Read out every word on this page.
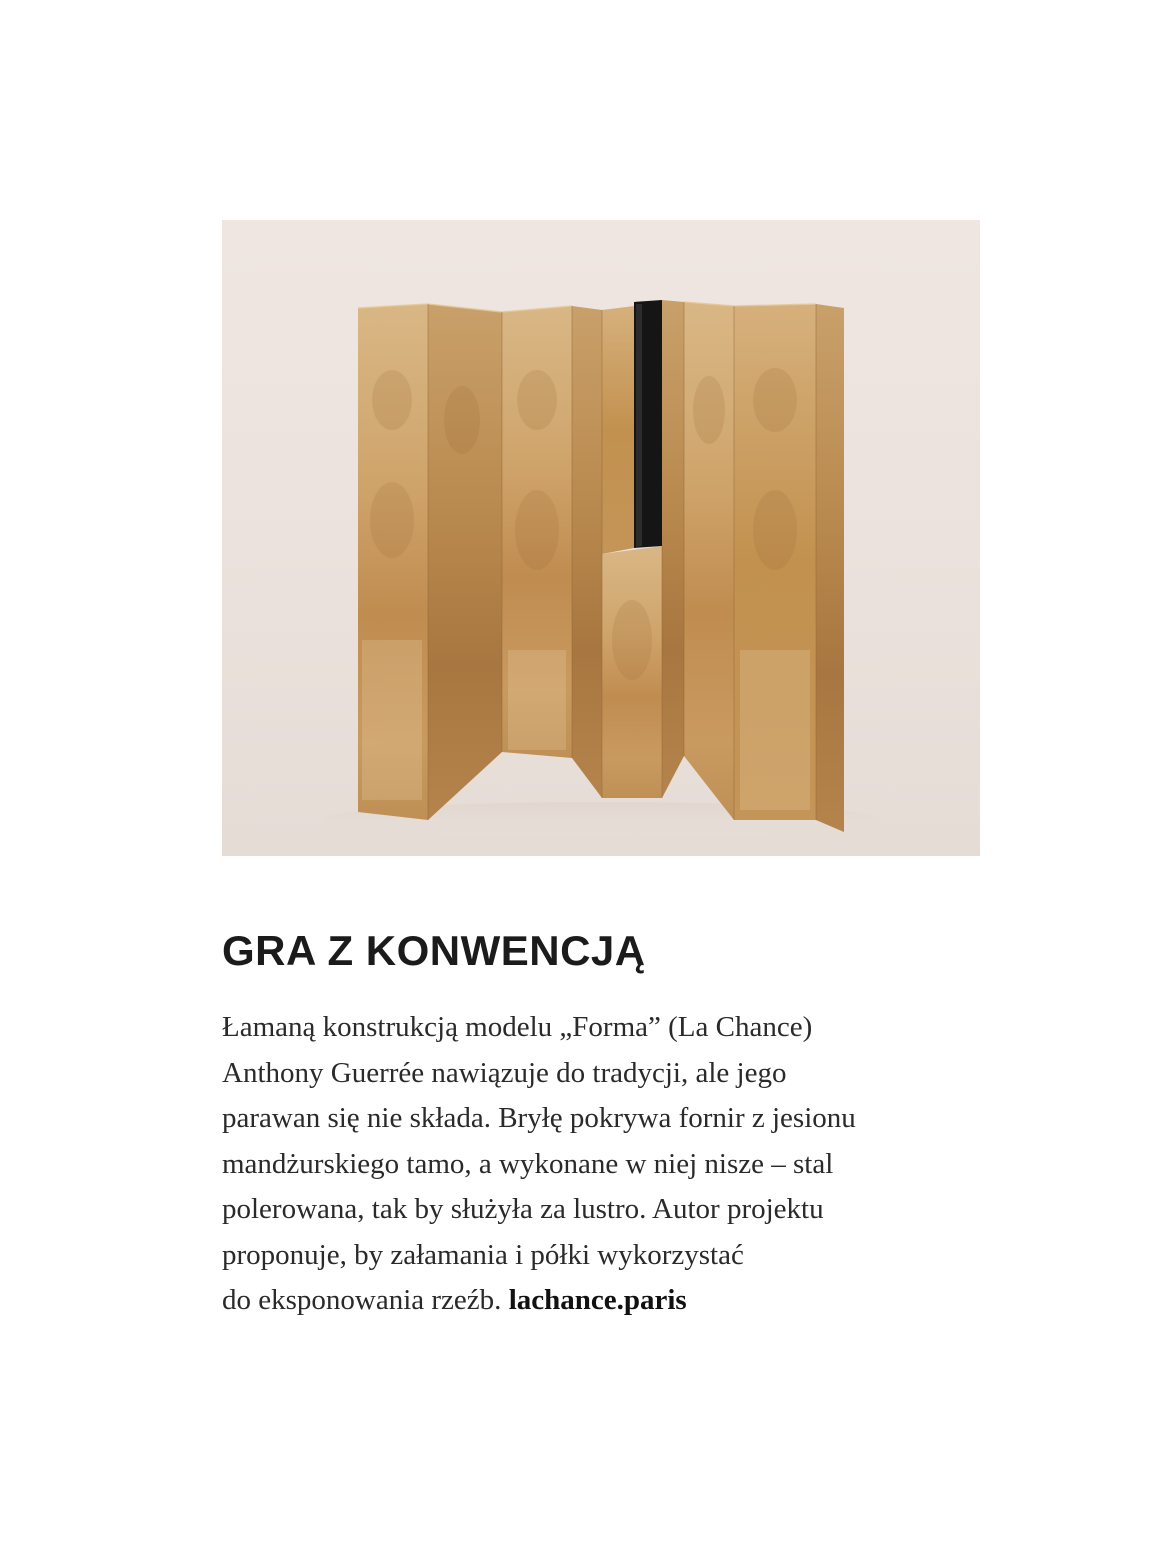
GRA Z KONWENCJĄ

Łamaną konstrukcją modelu „Forma” (La Chance)
Anthony Guerrée nawiązuje do tradycji, ale jego
parawan się nie składa. Bryłę pokrywa fornir z jesionu
mandżurskiego tamo, a wykonane w niej nisze – stal
polerowana, tak by służyła za lustro. Autor projektu
proponuje, by załamania i półki wykorzystać
do eksponowania rzeźb. lachance.paris
